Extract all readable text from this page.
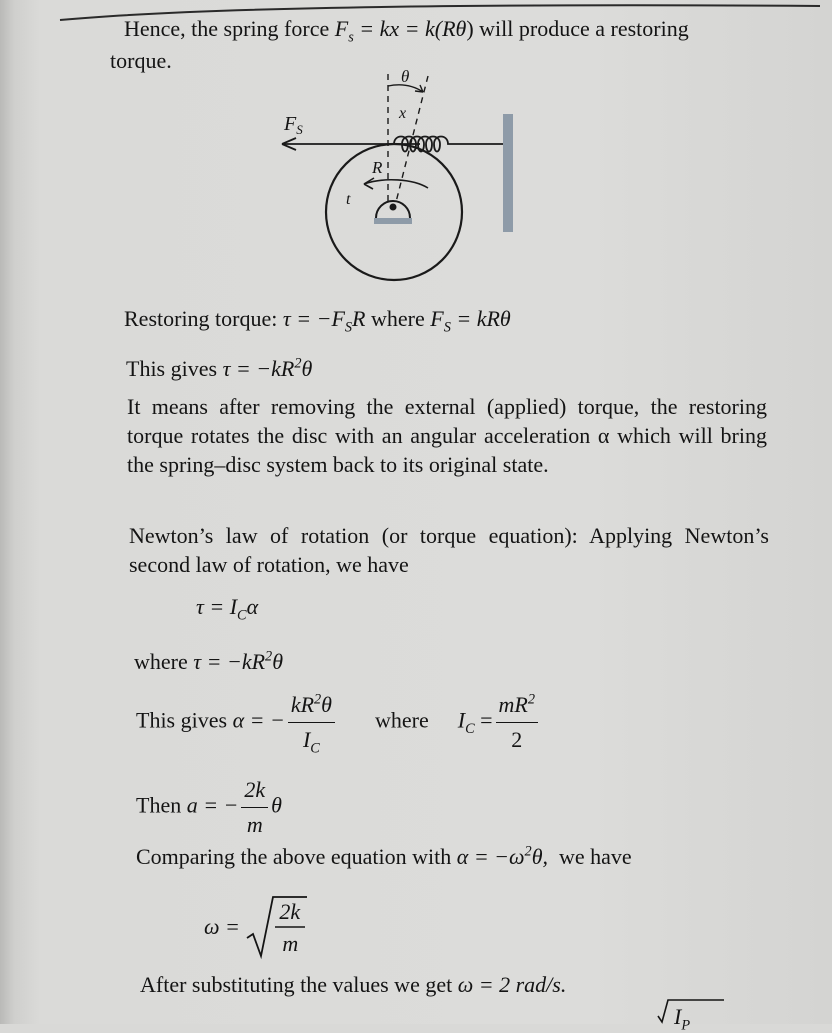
Hence, the spring force $F_s$ = kx = k(Rθ) will produce a restoring
torque.
$F_S$
θ
x
R
t
Restoring torque: $\tau = -F_SR$ where $F_S = kR\theta$
This gives $\tau = -kR^2\theta$
It means after removing the external (applied) torque, the restoring torque rotates the disc with an angular acceleration α which will bring the spring–disc system back to its original state.
Newton’s law of rotation (or torque equation): Applying Newton’s second law of rotation, we have
$\tau = I_C\alpha$
where $\tau = -kR^2\theta$
This gives α = − $\frac{kR^2\theta}{I_C}$ where $I_C = \frac{mR^2}{2}$
Then a = − $\frac{2k}{m}$ θ
Comparing the above equation with $\alpha = -\omega^2\theta$,  we have
ω =
2k
m
After substituting the values we get ω = 2 rad/s.
$I_P$
